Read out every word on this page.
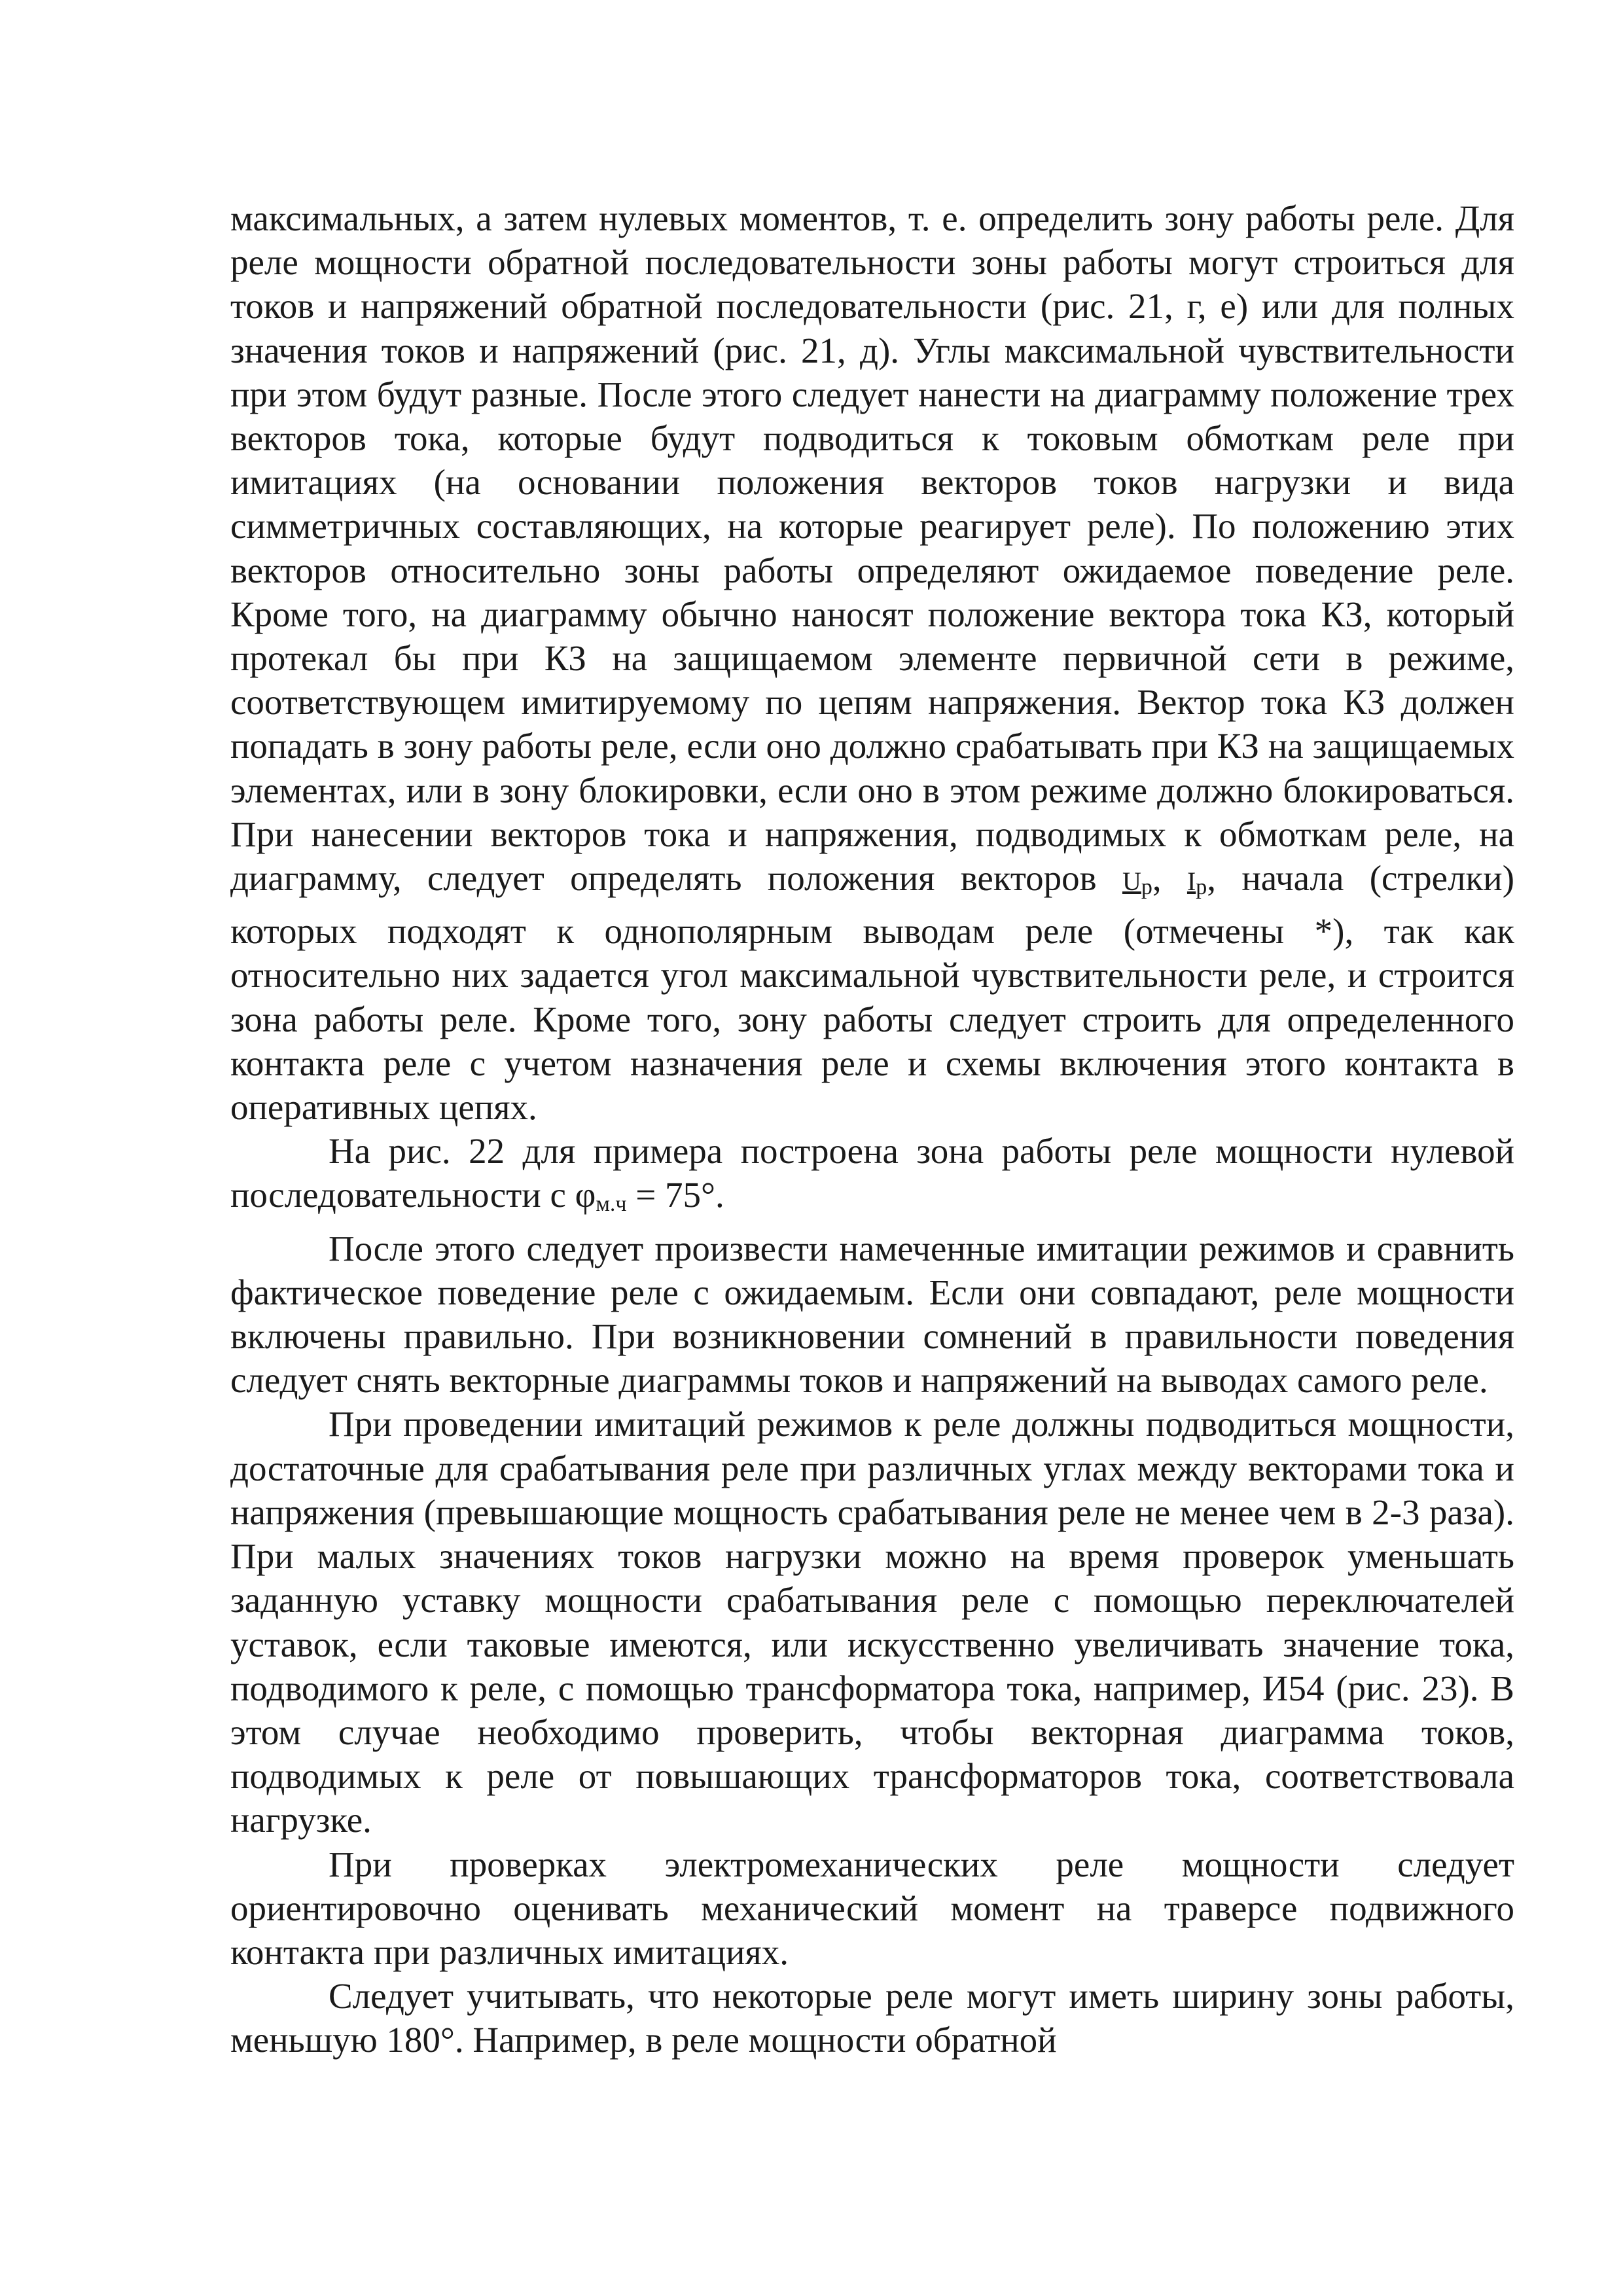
максимальных, а затем нулевых моментов, т. е. определить зону работы реле. Для реле мощности обратной последовательности зоны работы могут строиться для токов и напряжений обратной последовательности (рис. 21, г, е) или для полных значения токов и напряжений (рис. 21, д). Углы максимальной чувствительности при этом будут разные. После этого следует нанести на диаграмму положение трех векторов тока, которые будут подводиться к токовым обмоткам реле при имитациях (на основании положения векторов токов нагрузки и вида симметричных составляющих, на которые реагирует реле). По положению этих векторов относительно зоны работы определяют ожидаемое поведение реле. Кроме того, на диаграмму обычно наносят положение вектора тока КЗ, который протекал бы при КЗ на защищаемом элементе первичной сети в режиме, соответствующем имитируемому по цепям напряжения. Вектор тока КЗ должен попадать в зону работы реле, если оно должно срабатывать при КЗ на защищаемых элементах, или в зону блокировки, если оно в этом режиме должно блокироваться. При нанесении векторов тока и напряжения, подводимых к обмоткам реле, на диаграмму, следует определять положения векторов Uр, Iр, начала (стрелки) которых подходят к однополярным выводам реле (отмечены *), так как относительно них задается угол максимальной чувствительности реле, и строится зона работы реле. Кроме того, зону работы следует строить для определенного контакта реле с учетом назначения реле и схемы включения этого контакта в оперативных цепях.

На рис. 22 для примера построена зона работы реле мощности нулевой последовательности с φм.ч = 75°.

После этого следует произвести намеченные имитации режимов и сравнить фактическое поведение реле с ожидаемым. Если они совпадают, реле мощности включены правильно. При возникновении сомнений в правильности поведения следует снять векторные диаграммы токов и напряжений на выводах самого реле.

При проведении имитаций режимов к реле должны подводиться мощности, достаточные для срабатывания реле при различных углах между векторами тока и напряжения (превышающие мощность срабатывания реле не менее чем в 2-3 раза). При малых значениях токов нагрузки можно на время проверок уменьшать заданную уставку мощности срабатывания реле с помощью переключателей уставок, если таковые имеются, или искусственно увеличивать значение тока, подводимого к реле, с помощью трансформатора тока, например, И54 (рис. 23). В этом случае необходимо проверить, чтобы векторная диаграмма токов, подводимых к реле от повышающих трансформаторов тока, соответствовала нагрузке.

При проверках электромеханических реле мощности следует ориентировочно оценивать механический момент на траверсе подвижного контакта при различных имитациях.

Следует учитывать, что некоторые реле могут иметь ширину зоны работы, меньшую 180°. Например, в реле мощности обратной
